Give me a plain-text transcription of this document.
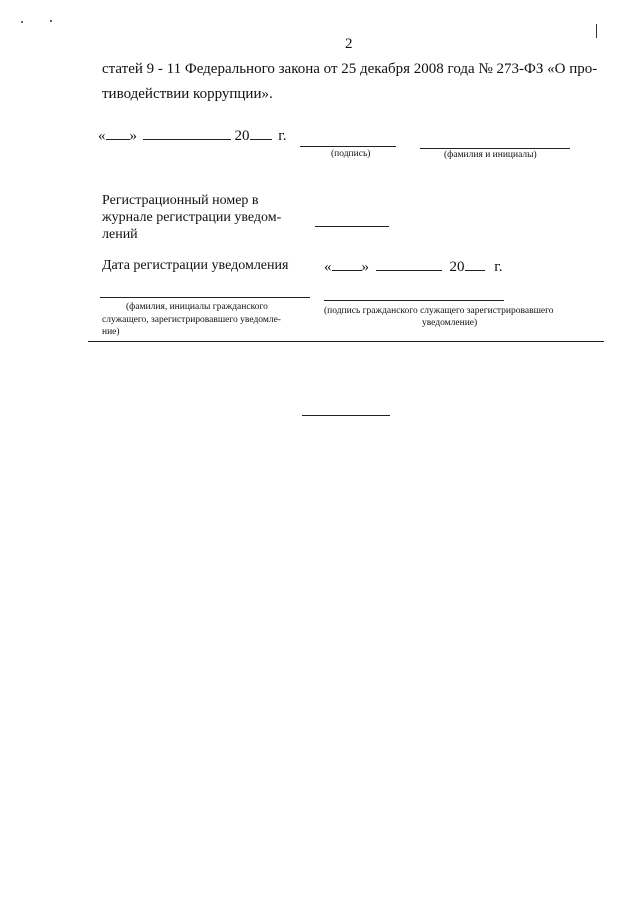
2
статей 9 - 11 Федерального закона от 25 декабря 2008 года № 273-ФЗ «О про-
тиводействии коррупции».
« »	20 г.
(подпись)	(фамилия и инициалы)
Регистрационный номер в
журнале регистрации уведом-
лений
Дата регистрации уведомления « »	20 г.
(фамилия, инициалы гражданского
служащего, зарегистрировавшего уведомле-
ние)
(подпись гражданского служащего зарегистрировавшего
уведомление)
